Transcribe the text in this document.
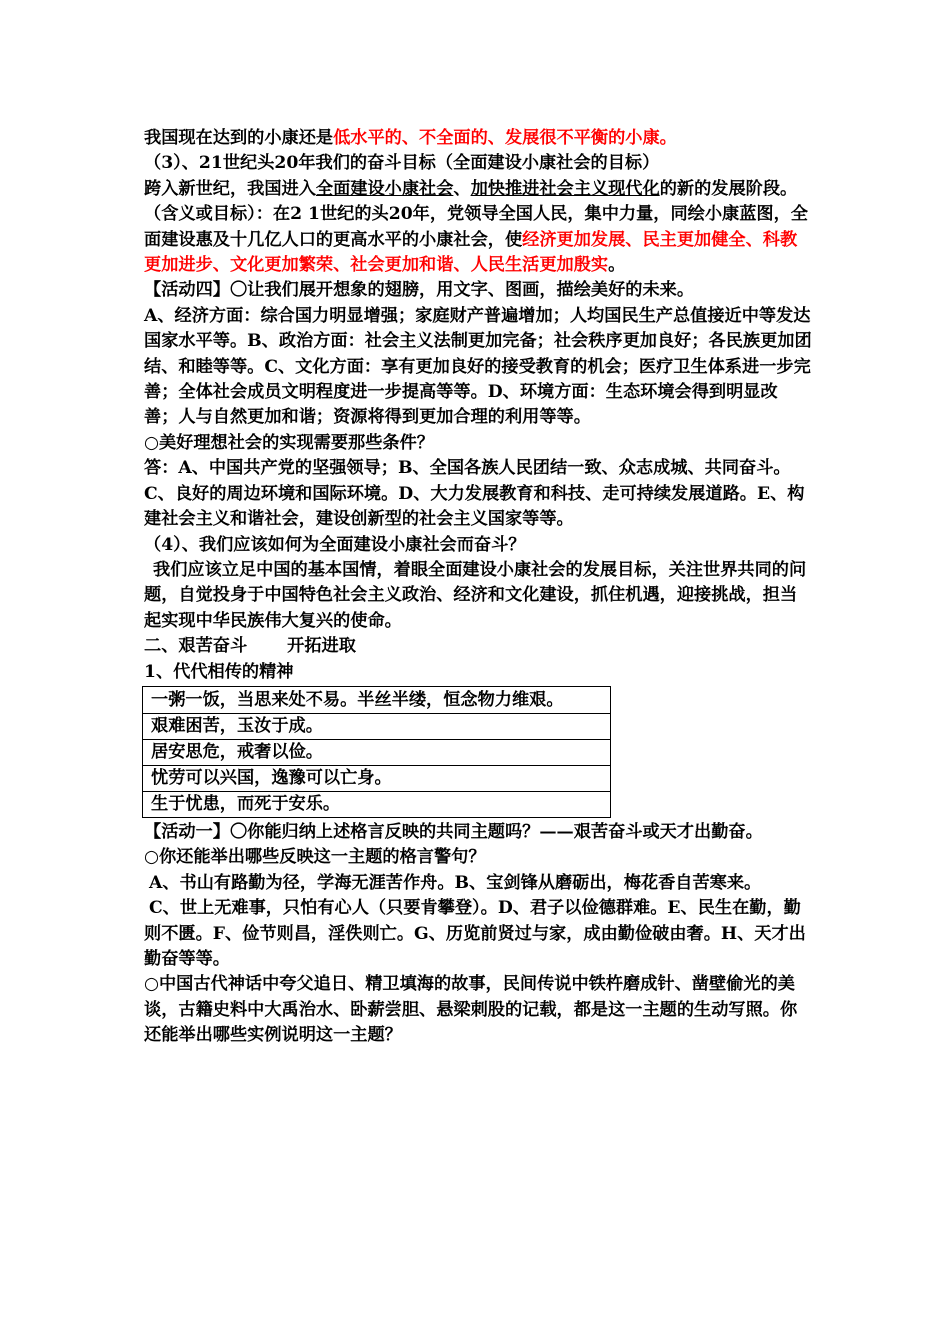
我国现在达到的小康还是低水平的、不全面的、发展很不平衡的小康。

（3）、21世纪头20年我们的奋斗目标（全面建设小康社会的目标）

跨入新世纪，我国进入全面建设小康社会、加快推进社会主义现代化的新的发展阶段。

（含义或目标）：在2 1世纪的头20年，党领导全国人民，集中力量，同绘小康蓝图，全面建设惠及十几亿人口的更高水平的小康社会，使经济更加发展、民主更加健全、科教更加进步、文化更加繁荣、社会更加和谐、人民生活更加殷实。

【活动四】〇让我们展开想象的翅膀，用文字、图画，描绘美好的未来。

A、经济方面：综合国力明显增强；家庭财产普遍增加；人均国民生产总值接近中等发达国家水平等。B、政治方面：社会主义法制更加完备；社会秩序更加良好；各民族更加团结、和睦等等。C、文化方面：享有更加良好的接受教育的机会；医疗卫生体系进一步完善；全体社会成员文明程度进一步提高等等。D、环境方面：生态环境会得到明显改善；人与自然更加和谐；资源将得到更加合理的利用等等。

○美好理想社会的实现需要那些条件？

答：A、中国共产党的坚强领导；B、全国各族人民团结一致、众志成城、共同奋斗。C、良好的周边环境和国际环境。D、大力发展教育和科技、走可持续发展道路。E、构建社会主义和谐社会，建设创新型的社会主义国家等等。

（4）、我们应该如何为全面建设小康社会而奋斗？

我们应该立足中国的基本国情，着眼全面建设小康社会的发展目标，关注世界共同的问题，自觉投身于中国特色社会主义政治、经济和文化建设，抓住机遇，迎接挑战，担当起实现中华民族伟大复兴的使命。

二、艰苦奋斗 开拓进取

1、代代相传的精神

一粥一饭，当思来处不易。半丝半缕，恒念物力维艰。
艰难困苦，玉汝于成。
居安思危，戒奢以俭。
忧劳可以兴国，逸豫可以亡身。
生于忧患，而死于安乐。

【活动一】〇你能归纳上述格言反映的共同主题吗？——艰苦奋斗或天才出勤奋。

○你还能举出哪些反映这一主题的格言警句？

A、书山有路勤为径，学海无涯苦作舟。B、宝剑锋从磨砺出，梅花香自苦寒来。

C、世上无难事，只怕有心人（只要肯攀登）。D、君子以俭德群难。E、民生在勤，勤则不匮。F、俭节则昌，淫佚则亡。G、历览前贤过与家，成由勤俭破由奢。H、天才出勤奋等等。

○中国古代神话中夸父追日、精卫填海的故事，民间传说中铁杵磨成针、凿壁偷光的美谈，古籍史料中大禹治水、卧薪尝胆、悬梁刺股的记载，都是这一主题的生动写照。你还能举出哪些实例说明这一主题？
